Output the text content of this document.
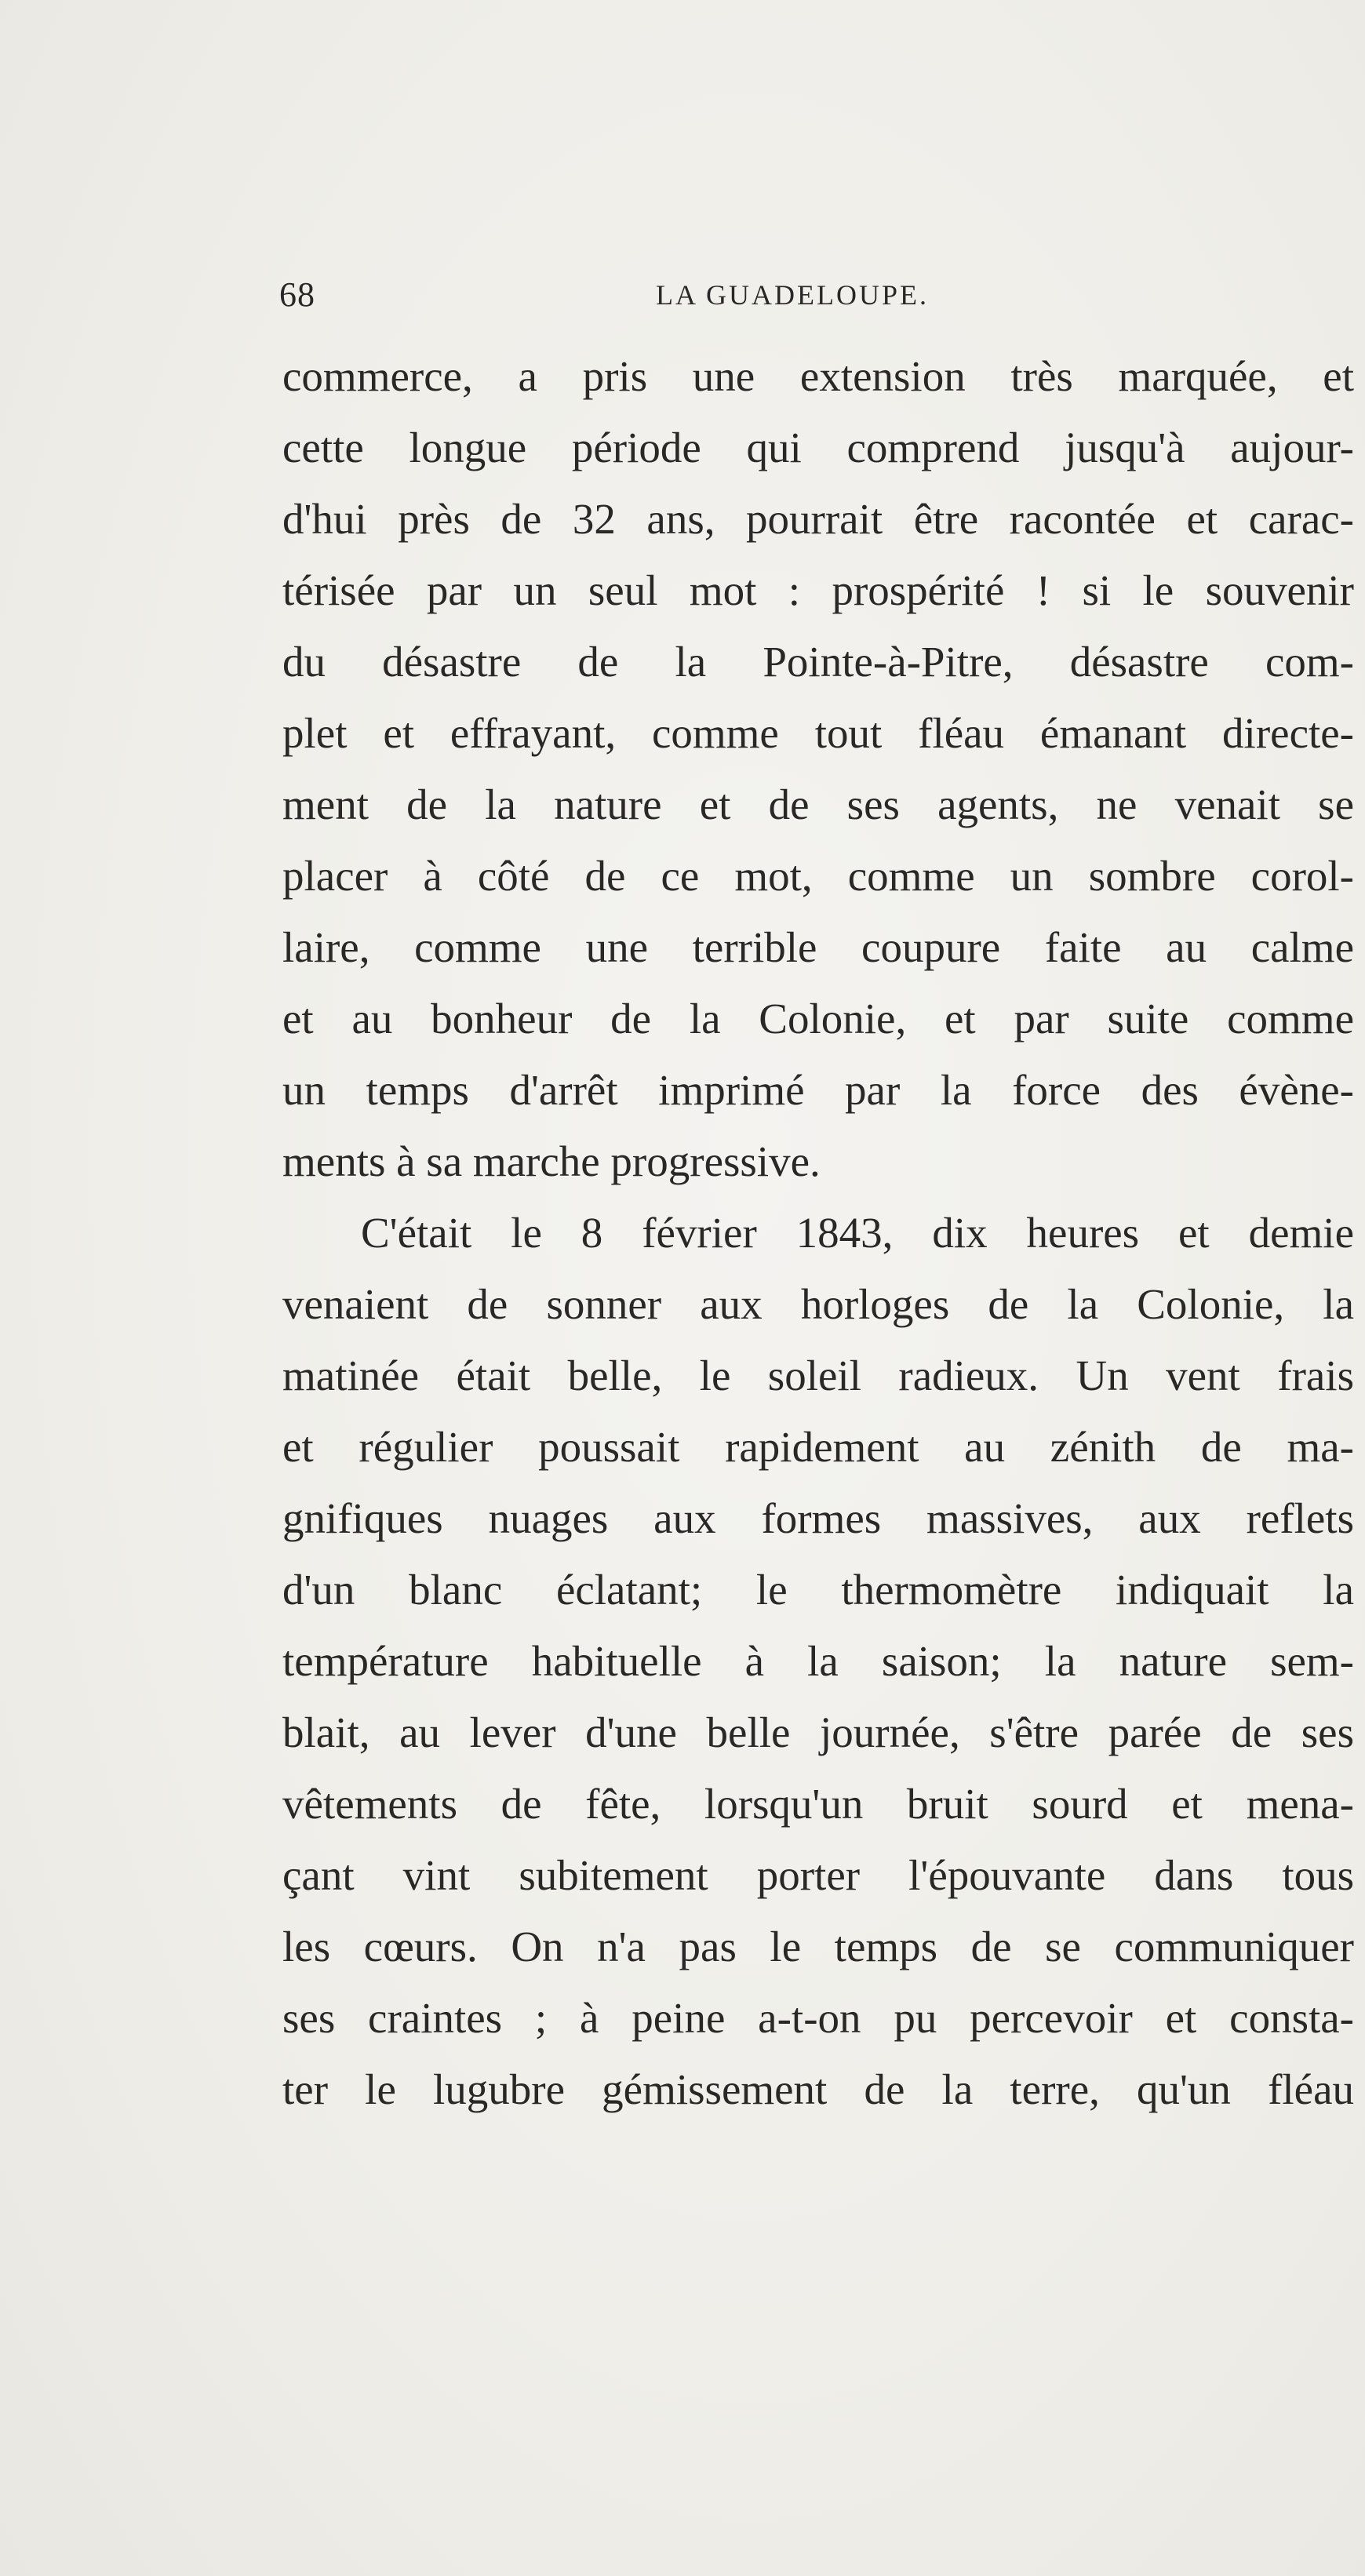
68	LA GUADELOUPE.
commerce, a pris une extension très marquée, et
cette longue période qui comprend jusqu'à aujour-
d'hui près de 32 ans, pourrait être racontée et carac-
térisée par un seul mot : prospérité ! si le souvenir
du désastre de la Pointe-à-Pitre, désastre com-
plet et effrayant, comme tout fléau émanant directe-
ment de la nature et de ses agents, ne venait se
placer à côté de ce mot, comme un sombre corol-
laire, comme une terrible coupure faite au calme
et au bonheur de la Colonie, et par suite comme
un temps d'arrêt imprimé par la force des évène-
ments à sa marche progressive.
C'était le 8 février 1843, dix heures et demie
venaient de sonner aux horloges de la Colonie, la
matinée était belle, le soleil radieux. Un vent frais
et régulier poussait rapidement au zénith de ma-
gnifiques nuages aux formes massives, aux reflets
d'un blanc éclatant; le thermomètre indiquait la
température habituelle à la saison; la nature sem-
blait, au lever d'une belle journée, s'être parée de ses
vêtements de fête, lorsqu'un bruit sourd et mena-
çant vint subitement porter l'épouvante dans tous
les cœurs. On n'a pas le temps de se communiquer
ses craintes ; à peine a-t-on pu percevoir et consta-
ter le lugubre gémissement de la terre, qu'un fléau
